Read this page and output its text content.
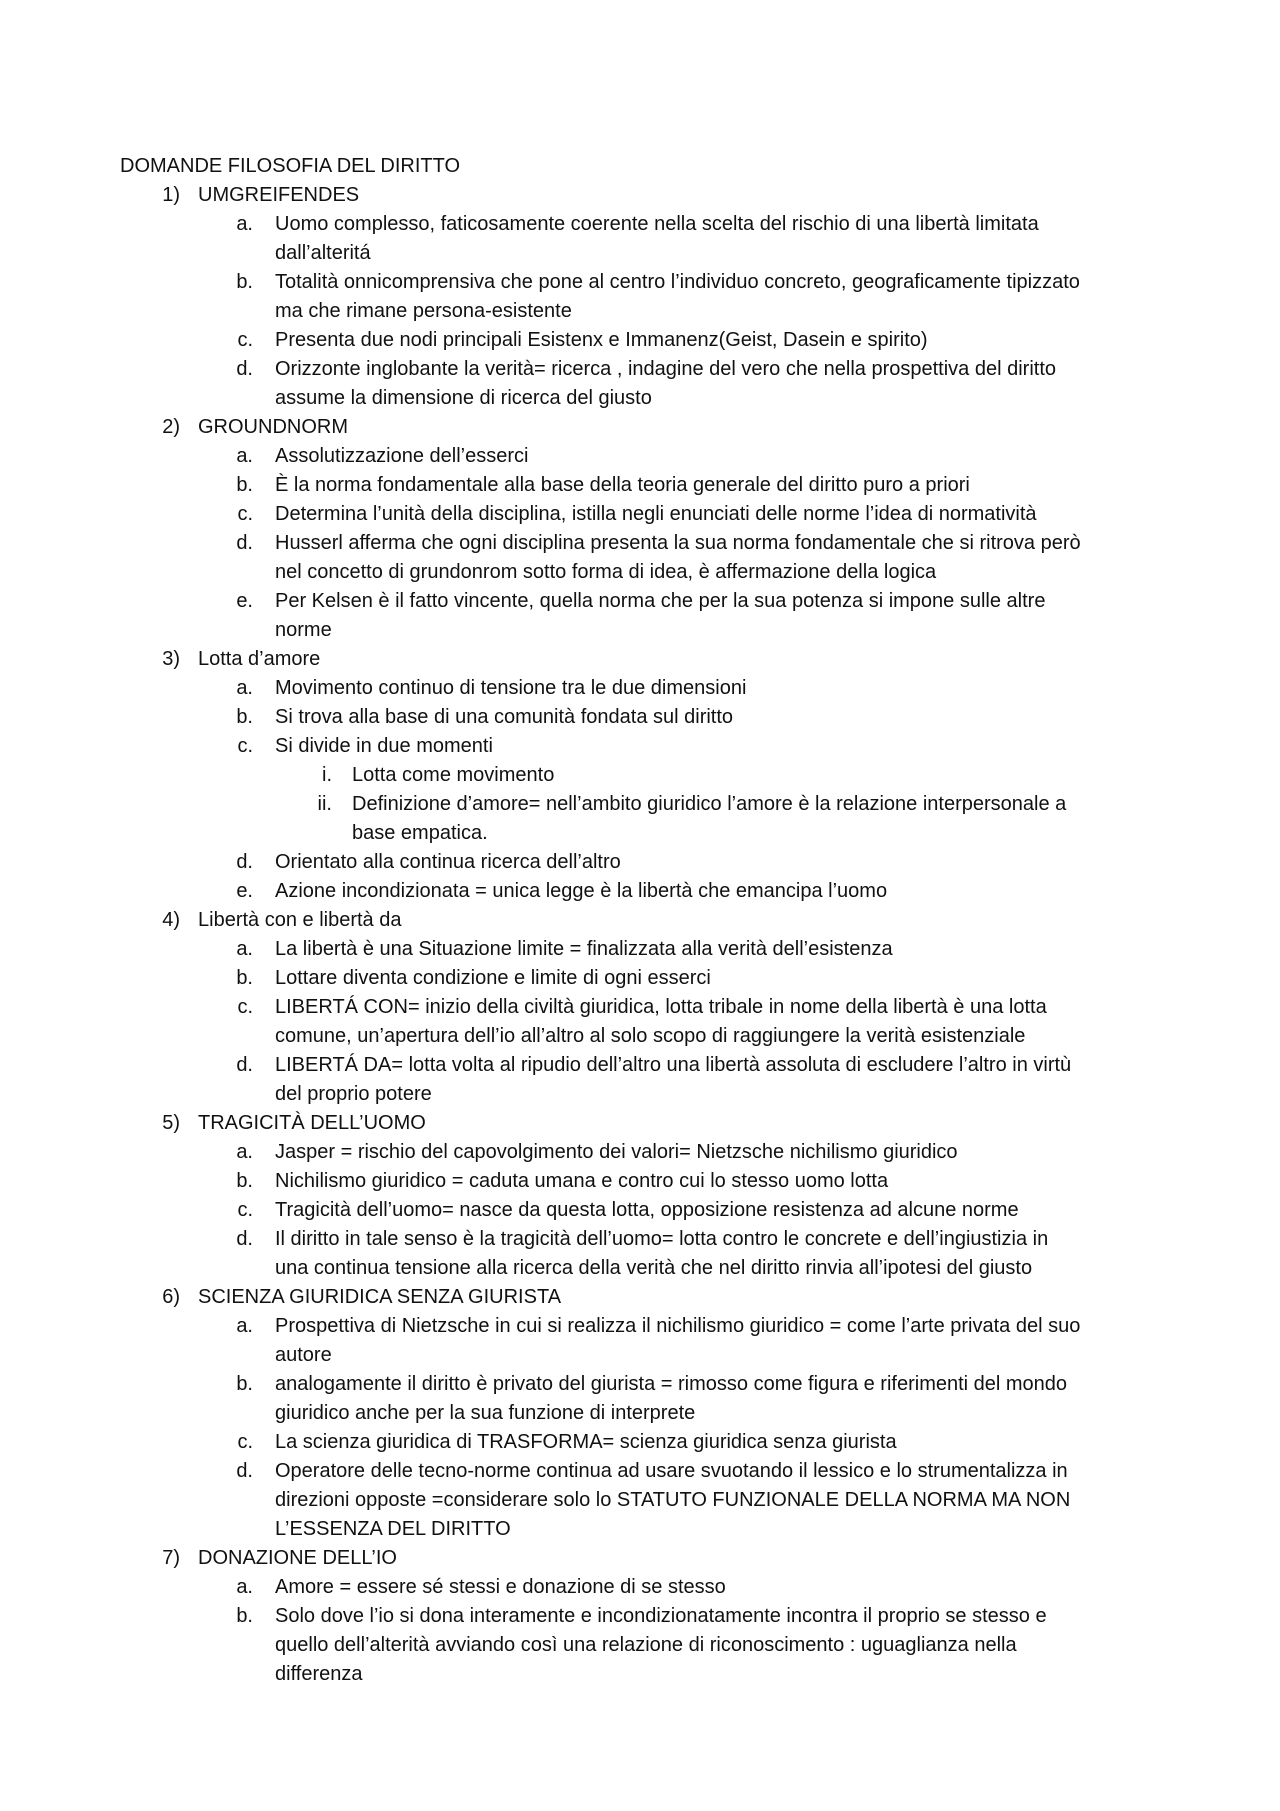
DOMANDE FILOSOFIA DEL DIRITTO
1) UMGREIFENDES
a. Uomo complesso, faticosamente coerente nella scelta del rischio di una libertà limitata
dall’alteritá
b. Totalità onnicomprensiva che pone al centro l’individuo concreto, geograficamente tipizzato
ma che rimane persona-esistente
c. Presenta due nodi principali Esistenx e Immanenz(Geist, Dasein e spirito)
d. Orizzonte inglobante la verità= ricerca , indagine del vero che nella prospettiva del diritto
assume la dimensione di ricerca del giusto
2) GROUNDNORM
a. Assolutizzazione dell’esserci
b. È la norma fondamentale alla base della teoria generale del diritto puro a priori
c. Determina l’unità della disciplina, istilla negli enunciati delle norme l’idea di normatività
d. Husserl afferma che ogni disciplina presenta la sua norma fondamentale che si ritrova però
nel concetto di grundonrom sotto forma di idea, è affermazione della logica
e. Per Kelsen è il fatto vincente, quella norma che per la sua potenza si impone sulle altre
norme
3) Lotta d’amore
a. Movimento continuo di tensione tra le due dimensioni
b. Si trova alla base di una comunità fondata sul diritto
c. Si divide in due momenti
i. Lotta come movimento
ii. Definizione d’amore= nell’ambito giuridico l’amore è la relazione interpersonale a
base empatica.
d. Orientato alla continua ricerca dell’altro
e. Azione incondizionata = unica legge è la libertà che emancipa l’uomo
4) Libertà con e libertà da
a. La libertà è una Situazione limite = finalizzata alla verità dell’esistenza
b. Lottare diventa condizione e limite di ogni esserci
c. LIBERTÁ CON= inizio della civiltà giuridica, lotta tribale in nome della libertà è una lotta
comune, un’apertura dell’io all’altro al solo scopo di raggiungere la verità esistenziale
d. LIBERTÁ DA= lotta volta al ripudio dell’altro una libertà assoluta di escludere l’altro in virtù
del proprio potere
5) TRAGICITÀ DELL’UOMO
a. Jasper = rischio del capovolgimento dei valori= Nietzsche nichilismo giuridico
b. Nichilismo giuridico = caduta umana e contro cui lo stesso uomo lotta
c. Tragicità dell’uomo= nasce da questa lotta, opposizione resistenza ad alcune norme
d. Il diritto in tale senso è la tragicità dell’uomo= lotta contro le concrete e dell’ingiustizia in
una continua tensione alla ricerca della verità che nel diritto rinvia all’ipotesi del giusto
6) SCIENZA GIURIDICA SENZA GIURISTA
a. Prospettiva di Nietzsche in cui si realizza il nichilismo giuridico = come l’arte privata del suo
autore
b. analogamente il diritto è privato del giurista = rimosso come figura e riferimenti del mondo
giuridico anche per la sua funzione di interprete
c. La scienza giuridica di TRASFORMA= scienza giuridica senza giurista
d. Operatore delle tecno-norme continua ad usare svuotando il lessico e lo strumentalizza in
direzioni opposte =considerare solo lo STATUTO FUNZIONALE DELLA NORMA MA NON
L’ESSENZA DEL DIRITTO
7) DONAZIONE DELL’IO
a. Amore = essere sé stessi e donazione di se stesso
b. Solo dove l’io si dona interamente e incondizionatamente incontra il proprio se stesso e
quello dell’alterità avviando così una relazione di riconoscimento : uguaglianza nella
differenza
